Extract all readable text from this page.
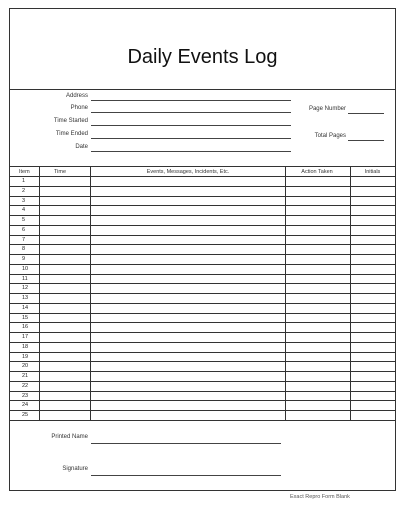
Daily Events Log
Address
Phone
Time Started
Time Ended
Date
Page Number
Total Pages
Item	Time	Events, Messages, Incidents, Etc.	Action Taken	Initials
1
2
3
4
5
6
7
8
9
10
11
12
13
14
15
16
17
18
19
20
21
22
23
24
25
Printed Name
Signature
Exact Repro Form Blank
